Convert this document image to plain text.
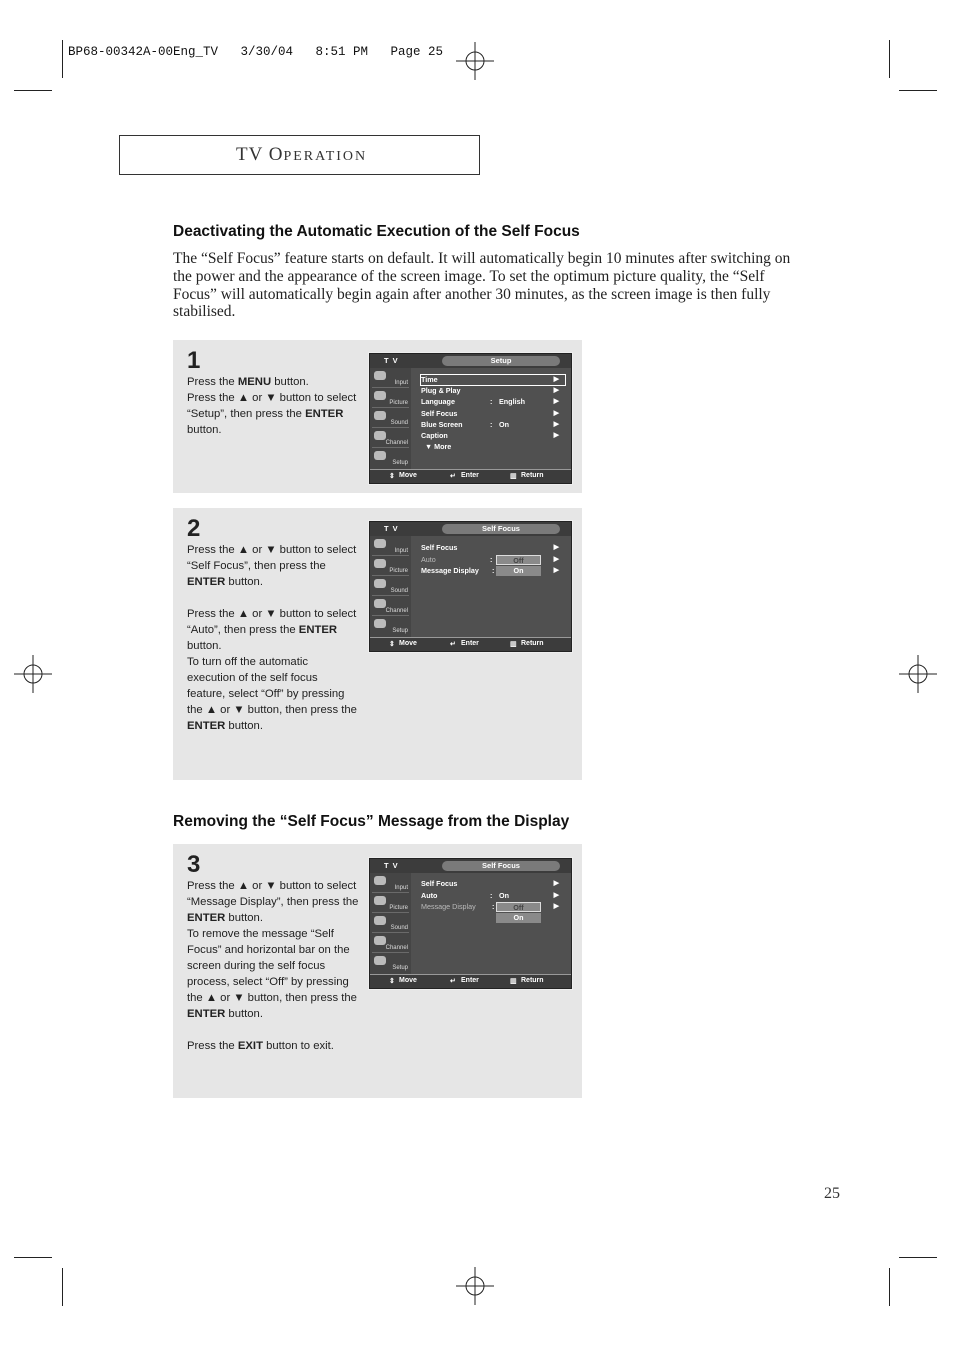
BP68-00342A-00Eng_TV   3/30/04   8:51 PM   Page 25
TV OPERATION
Deactivating the Automatic Execution of the Self Focus

The “Self Focus” feature starts on default. It will automatically begin 10 minutes after switching on the power and the appearance of the screen image. To set the optimum picture quality, the “Self Focus” will automatically begin again after another 30 minutes, as the screen image is then fully stabilised.

1

Press the MENU button.

Press the ▲ or ▼ button to select “Setup”, then press the ENTER button.

T V	Setup
Input
Picture
Sound
Channel
Setup
Time	▶
Plug & Play	▶
Language	: English	▶
Self Focus	▶
Blue Screen	: On	▶
Caption	▶
▼ More
⇕ Move	↵ Enter	▥ Return
2

Press the ▲ or ▼ button to select “Self Focus”, then press the ENTER button.

Press the ▲ or ▼ button to select “Auto”, then press the ENTER button.

To turn off the automatic execution of the self focus feature, select “Off” by pressing the ▲ or ▼ button, then press the ENTER button.

T V	Self Focus
Input
Picture
Sound
Channel
Setup
Self Focus	▶
Auto	:	▶
Message Display :	▶
Off
On
⇕ Move	↵ Enter	▥ Return
Removing the “Self Focus” Message from the Display
3

Press the ▲ or ▼ button to select “Message Display”, then press the ENTER button.

To remove the message “Self Focus” and horizontal bar on the screen during the self focus process, select “Off” by pressing the ▲ or ▼ button, then press the ENTER button.

Press the EXIT button to exit.

T V	Self Focus
Input
Picture
Sound
Channel
Setup
Self Focus	▶
Auto	: On	▶
Message Display :	▶
Off
On
⇕ Move	↵ Enter	▥ Return
25
